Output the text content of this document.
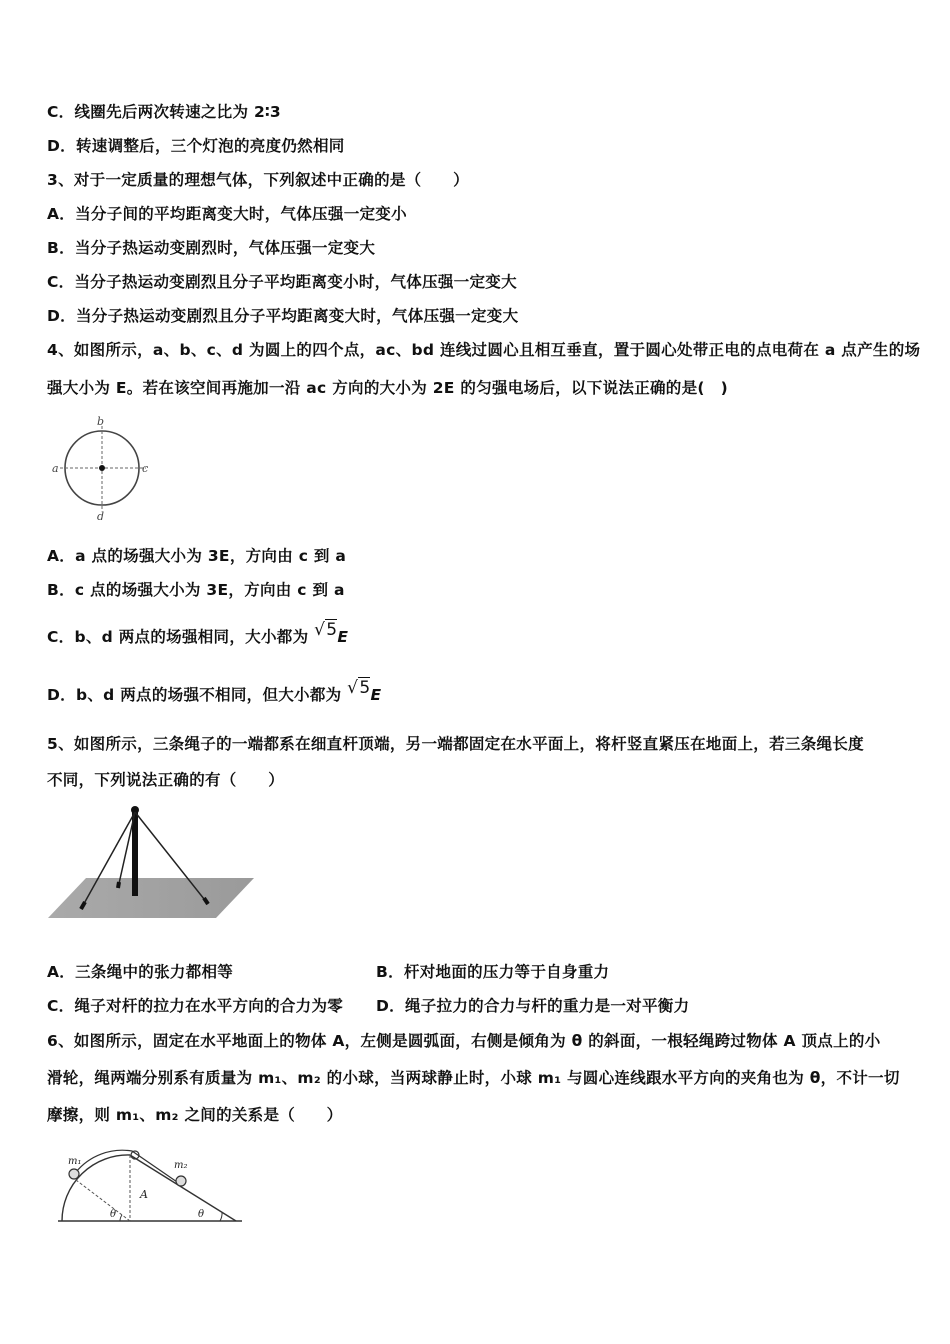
C．线圈先后两次转速之比为 2∶3
D．转速调整后，三个灯泡的亮度仍然相同
3、对于一定质量的理想气体，下列叙述中正确的是（　　）
A．当分子间的平均距离变大时，气体压强一定变小
B．当分子热运动变剧烈时，气体压强一定变大
C．当分子热运动变剧烈且分子平均距离变小时，气体压强一定变大
D．当分子热运动变剧烈且分子平均距离变大时，气体压强一定变大
4、如图所示，a、b、c、d 为圆上的四个点，ac、bd 连线过圆心且相互垂直，置于圆心处带正电的点电荷在 a 点产生的场
强大小为 E。若在该空间再施加一沿 ac 方向的大小为 2E 的匀强电场后，以下说法正确的是(　)
b
a	c
d
A．a 点的场强大小为 3E，方向由 c 到 a
B．c 点的场强大小为 3E，方向由 c 到 a
C．b、d 两点的场强相同，大小都为 √5E
D．b、d 两点的场强不相同，但大小都为 √5E
5、如图所示，三条绳子的一端都系在细直杆顶端，另一端都固定在水平面上，将杆竖直紧压在地面上，若三条绳长度
不同，下列说法正确的有（　　）
A．三条绳中的张力都相等	B．杆对地面的压力等于自身重力
C．绳子对杆的拉力在水平方向的合力为零 D．绳子拉力的合力与杆的重力是一对平衡力
6、如图所示，固定在水平地面上的物体 A，左侧是圆弧面，右侧是倾角为 θ 的斜面，一根轻绳跨过物体 A 顶点上的小
滑轮，绳两端分别系有质量为 m₁、m₂ 的小球，当两球静止时，小球 m₁ 与圆心连线跟水平方向的夹角也为 θ，不计一切
摩擦，则 m₁、m₂ 之间的关系是（　　）
m₁	m₂
A
θ	θ
